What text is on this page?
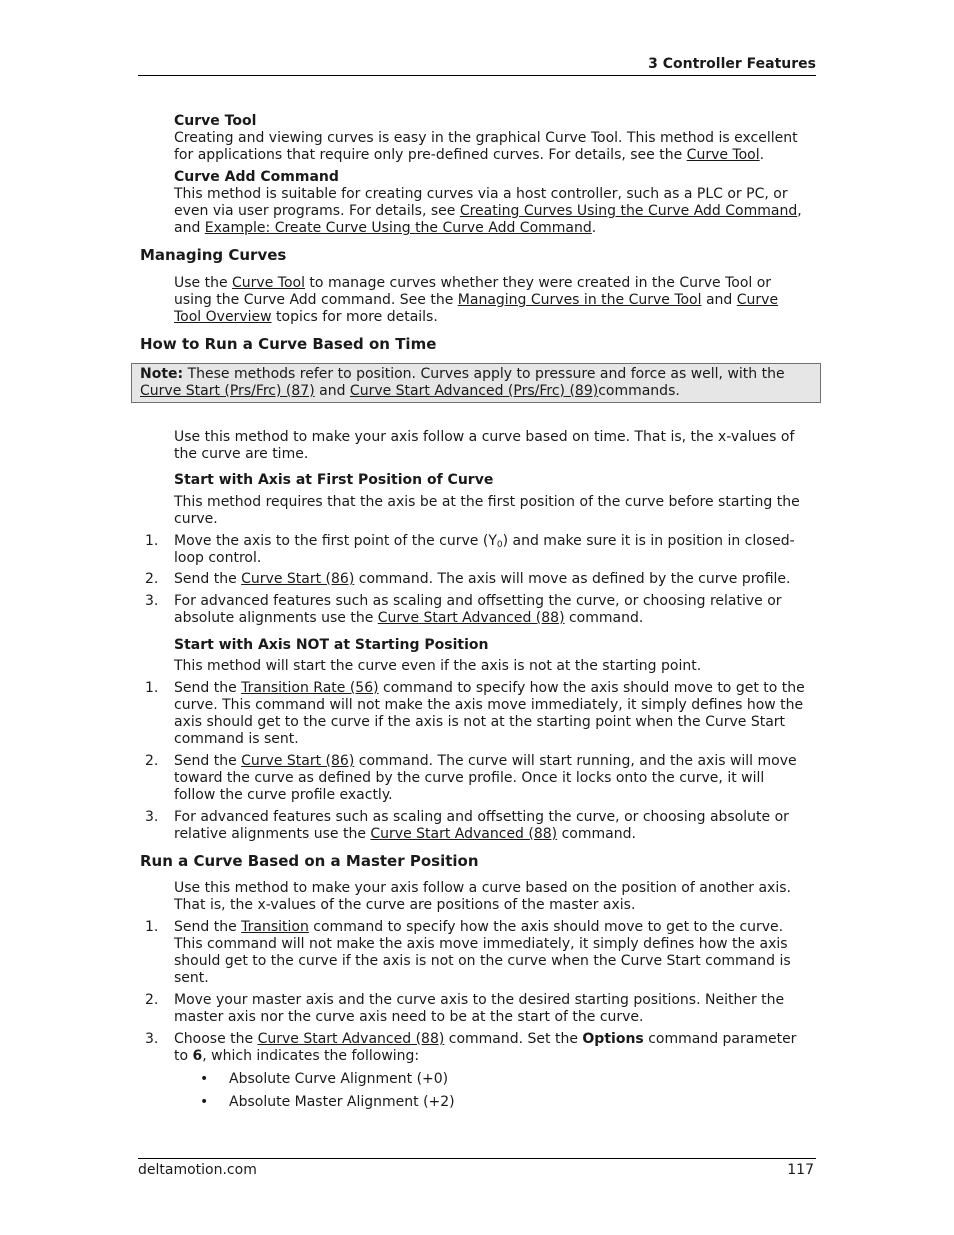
3 Controller Features
Curve Tool
Creating and viewing curves is easy in the graphical Curve Tool. This method is excellent
for applications that require only pre-defined curves. For details, see the Curve Tool.
Curve Add Command
This method is suitable for creating curves via a host controller, such as a PLC or PC, or
even via user programs. For details, see Creating Curves Using the Curve Add Command,
and Example: Create Curve Using the Curve Add Command.
Managing Curves
Use the Curve Tool to manage curves whether they were created in the Curve Tool or
using the Curve Add command. See the Managing Curves in the Curve Tool and Curve
Tool Overview topics for more details.
How to Run a Curve Based on Time
Note: These methods refer to position. Curves apply to pressure and force as well, with the
Curve Start (Prs/Frc) (87) and Curve Start Advanced (Prs/Frc) (89)commands.
Use this method to make your axis follow a curve based on time. That is, the x-values of
the curve are time.
Start with Axis at First Position of Curve
This method requires that the axis be at the first position of the curve before starting the
curve.
1. Move the axis to the first point of the curve $(Y_0)$ and make sure it is in position in closed-
loop control.
2. Send the Curve Start (86) command. The axis will move as defined by the curve profile.
3. For advanced features such as scaling and offsetting the curve, or choosing relative or
absolute alignments use the Curve Start Advanced (88) command.
Start with Axis NOT at Starting Position
This method will start the curve even if the axis is not at the starting point.
1. Send the Transition Rate (56) command to specify how the axis should move to get to the
curve. This command will not make the axis move immediately, it simply defines how the
axis should get to the curve if the axis is not at the starting point when the Curve Start
command is sent.
2. Send the Curve Start (86) command. The curve will start running, and the axis will move
toward the curve as defined by the curve profile. Once it locks onto the curve, it will
follow the curve profile exactly.
3. For advanced features such as scaling and offsetting the curve, or choosing absolute or
relative alignments use the Curve Start Advanced (88) command.
Run a Curve Based on a Master Position
Use this method to make your axis follow a curve based on the position of another axis.
That is, the x-values of the curve are positions of the master axis.
1. Send the Transition command to specify how the axis should move to get to the curve.
This command will not make the axis move immediately, it simply defines how the axis
should get to the curve if the axis is not on the curve when the Curve Start command is
sent.
2. Move your master axis and the curve axis to the desired starting positions. Neither the
master axis nor the curve axis need to be at the start of the curve.
3. Choose the Curve Start Advanced (88) command. Set the Options command parameter
to 6, which indicates the following:
• Absolute Curve Alignment (+0)
• Absolute Master Alignment (+2)
deltamotion.com	117
